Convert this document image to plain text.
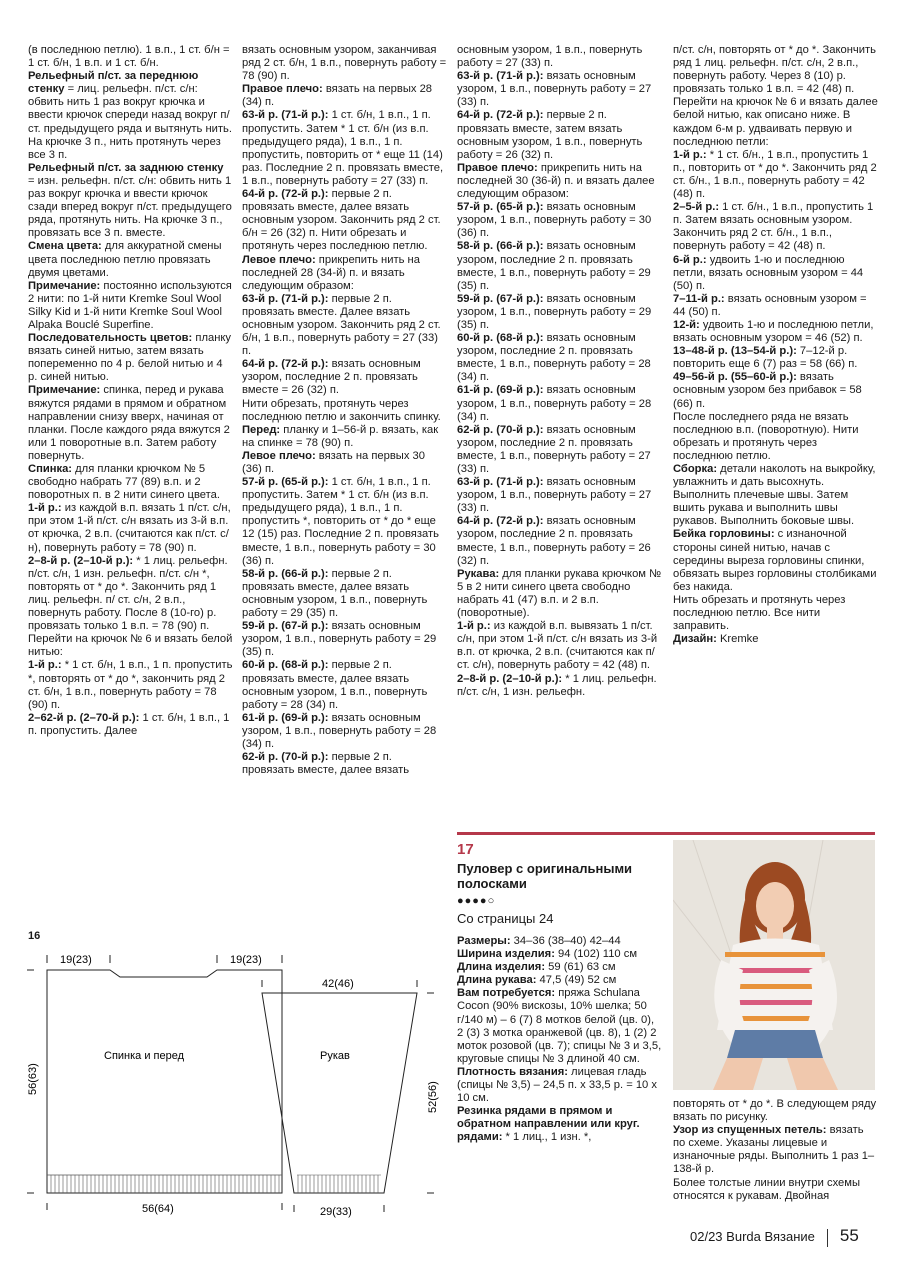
(в последнюю петлю). 1 в.п., 1 ст. б/н = 1 ст. б/н, 1 в.п. и 1 ст. б/н.

Рельефный п/ст. за переднюю стенку = лиц. рельефн. п/ст. с/н: обвить нить 1 раз вокруг крючка и ввести крючок спереди назад вокруг п/ст. предыдущего ряда и вытянуть нить. На крючке 3 п., нить протянуть через все 3 п.

Рельефный п/ст. за заднюю стенку = изн. рельефн. п/ст. с/н: обвить нить 1 раз вокруг крючка и ввести крючок сзади вперед вокруг п/ст. предыдущего ряда, протянуть нить. На крючке 3 п., провязать все 3 п. вместе.

Смена цвета: для аккуратной смены цвета последнюю петлю провязать двумя цветами.

Примечание: постоянно используются 2 нити: по 1-й нити Kremke Soul Wool Silky Kid и 1-й нити Kremke Soul Wool Alpaka Bouclé Superfine.

Последовательность цветов: планку вязать синей нитью, затем вязать попеременно по 4 р. белой нитью и 4 р. синей нитью.

Примечание: спинка, перед и рукава вяжутся рядами в прямом и обратном направлении снизу вверх, начиная от планки. После каждого ряда вяжутся 2 или 1 поворотные в.п. Затем работу повернуть.

Спинка: для планки крючком № 5 свободно набрать 77 (89) в.п. и 2 поворотных п. в 2 нити синего цвета.

1-й р.: из каждой в.п. вязать 1 п/ст. с/н, при этом 1-й п/ст. с/н вязать из 3-й в.п. от крючка, 2 в.п. (считаются как п/ст. с/н), повернуть работу = 78 (90) п.

2–8-й р. (2–10-й р.): * 1 лиц. рельефн. п/ст. с/н, 1 изн. рельефн. п/ст. с/н *, повторять от * до *. Закончить ряд 1 лиц. рельефн. п/ ст. с/н, 2 в.п., повернуть работу. После 8 (10-го) р. провязать только 1 в.п. = 78 (90) п.

Перейти на крючок № 6 и вязать белой нитью:

1-й р.: * 1 ст. б/н, 1 в.п., 1 п. пропустить *, повторять от * до *, закончить ряд 2 ст. б/н, 1 в.п., повернуть работу = 78 (90) п.

2–62-й р. (2–70-й р.): 1 ст. б/н, 1 в.п., 1 п. пропустить. Далее

вязать основным узором, заканчивая ряд 2 ст. б/н, 1 в.п., повернуть работу = 78 (90) п.

Правое плечо: вязать на первых 28 (34) п.

63-й р. (71-й р.): 1 ст. б/н, 1 в.п., 1 п. пропустить. Затем * 1 ст. б/н (из в.п. предыдущего ряда), 1 в.п., 1 п. пропустить, повторить от * еще 11 (14) раз. Последние 2 п. провязать вместе, 1 в.п., повернуть работу = 27 (33) п.

64-й р. (72-й р.): первые 2 п. провязать вместе, далее вязать основным узором. Закончить ряд 2 ст. б/н = 26 (32) п. Нити обрезать и протянуть через последнюю петлю.

Левое плечо: прикрепить нить на последней 28 (34-й) п. и вязать следующим образом:

63-й р. (71-й р.): первые 2 п. провязать вместе. Далее вязать основным узором. Закончить ряд 2 ст. б/н, 1 в.п., повернуть работу = 27 (33) п.

64-й р. (72-й р.): вязать основным узором, последние 2 п. провязать вместе = 26 (32) п.

Нити обрезать, протянуть через последнюю петлю и закончить спинку.

Перед: планку и 1–56-й р. вязать, как на спинке = 78 (90) п.

Левое плечо: вязать на первых 30 (36) п.

57-й р. (65-й р.): 1 ст. б/н, 1 в.п., 1 п. пропустить. Затем * 1 ст. б/н (из в.п. предыдущего ряда), 1 в.п., 1 п. пропустить *, повторить от * до * еще 12 (15) раз. Последние 2 п. провязать вместе, 1 в.п., повернуть работу = 30 (36) п.

58-й р. (66-й р.): первые 2 п. провязать вместе, далее вязать основным узором, 1 в.п., повернуть работу = 29 (35) п.

59-й р. (67-й р.): вязать основным узором, 1 в.п., повернуть работу = 29 (35) п.

60-й р. (68-й р.): первые 2 п. провязать вместе, далее вязать основным узором, 1 в.п., повернуть работу = 28 (34) п.

61-й р. (69-й р.): вязать основным узором, 1 в.п., повернуть работу = 28 (34) п.

62-й р. (70-й р.): первые 2 п. провязать вместе, далее вязать

основным узором, 1 в.п., повернуть работу = 27 (33) п.

63-й р. (71-й р.): вязать основным узором, 1 в.п., повернуть работу = 27 (33) п.

64-й р. (72-й р.): первые 2 п. провязать вместе, затем вязать основным узором, 1 в.п., повернуть работу = 26 (32) п.

Правое плечо: прикрепить нить на последней 30 (36-й) п. и вязать далее следующим образом:

57-й р. (65-й р.): вязать основным узором, 1 в.п., повернуть работу = 30 (36) п.

58-й р. (66-й р.): вязать основным узором, последние 2 п. провязать вместе, 1 в.п., повернуть работу = 29 (35) п.

59-й р. (67-й р.): вязать основным узором, 1 в.п., повернуть работу = 29 (35) п.

60-й р. (68-й р.): вязать основным узором, последние 2 п. провязать вместе, 1 в.п., повернуть работу = 28 (34) п.

61-й р. (69-й р.): вязать основным узором, 1 в.п., повернуть работу = 28 (34) п.

62-й р. (70-й р.): вязать основным узором, последние 2 п. провязать вместе, 1 в.п., повернуть работу = 27 (33) п.

63-й р. (71-й р.): вязать основным узором, 1 в.п., повернуть работу = 27 (33) п.

64-й р. (72-й р.): вязать основным узором, последние 2 п. провязать вместе, 1 в.п., повернуть работу = 26 (32) п.

Рукава: для планки рукава крючком № 5 в 2 нити синего цвета свободно набрать 41 (47) в.п. и 2 в.п. (поворотные).

1-й р.: из каждой в.п. вывязать 1 п/ст. с/н, при этом 1-й п/ст. с/н вязать из 3-й в.п. от крючка, 2 в.п. (считаются как п/ст. с/н), повернуть работу = 42 (48) п.

2–8-й р. (2–10-й р.): * 1 лиц. рельефн. п/ст. с/н, 1 изн. рельефн.

п/ст. с/н, повторять от * до *. Закончить ряд 1 лиц. рельефн. п/ст. с/н, 2 в.п., повернуть работу. Через 8 (10) р. провязать только 1 в.п. = 42 (48) п.

Перейти на крючок № 6 и вязать далее белой нитью, как описано ниже. В каждом 6-м р. удваивать первую и последнюю петли:

1-й р.: * 1 ст. б/н., 1 в.п., пропустить 1 п., повторить от * до *. Закончить ряд 2 ст. б/н., 1 в.п., повернуть работу = 42 (48) п.

2–5-й р.: 1 ст. б/н., 1 в.п., пропустить 1 п. Затем вязать основным узором. Закончить ряд 2 ст. б/н., 1 в.п., повернуть работу = 42 (48) п.

6-й р.: удвоить 1-ю и последнюю петли, вязать основным узором = 44 (50) п.

7–11-й р.: вязать основным узором = 44 (50) п.

12-й: удвоить 1-ю и последнюю петли, вязать основным узором = 46 (52) п.

13–48-й р. (13–54-й р.): 7–12-й р. повторить еще 6 (7) раз = 58 (66) п.

49–56-й р. (55–60-й р.): вязать основным узором без прибавок = 58 (66) п.

После последнего ряда не вязать последнюю в.п. (поворотную). Нити обрезать и протянуть через последнюю петлю.

Сборка: детали наколоть на выкройку, увлажнить и дать высохнуть. Выполнить плечевые швы. Затем вшить рукава и выполнить швы рукавов. Выполнить боковые швы.

Бейка горловины: с изнаночной стороны синей нитью, начав с середины выреза горловины спинки, обвязать вырез горловины столбиками без накида.

Нить обрезать и протянуть через последнюю петлю. Все нити заправить.

Дизайн: Kremke

16
19(23)	19(23)
Спинка и перед
56(64)
56(63)
42(46)
Рукав
29(33)
52(56)
17
Пуловер с оригинальными полосками
●●●●○
Со страницы 24

Размеры: 34–36 (38–40) 42–44

Ширина изделия: 94 (102) 110 см

Длина изделия: 59 (61) 63 см

Длина рукава: 47,5 (49) 52 см

Вам потребуется: пряжа Schulana Cocon (90% вискозы, 10% шелка; 50 г/140 м) – 6 (7) 8 мотков белой (цв. 0), 2 (3) 3 мотка оранжевой (цв. 8), 1 (2) 2 моток розовой (цв. 7); спицы № 3 и 3,5, круговые спицы № 3 длиной 40 см.

Плотность вязания: лицевая гладь (спицы № 3,5) – 24,5 п. x 33,5 р. = 10 x 10 см.

Резинка рядами в прямом и обратном направлении или круг. рядами: * 1 лиц., 1 изн. *,

повторять от * до *. В следующем ряду вязать по рисунку.

Узор из спущенных петель: вязать по схеме. Указаны лицевые и изнаночные ряды. Выполнить 1 раз 1–138-й р.

Более толстые линии внутри схемы относятся к рукавам. Двойная

02/23 Burda Вязание 55
